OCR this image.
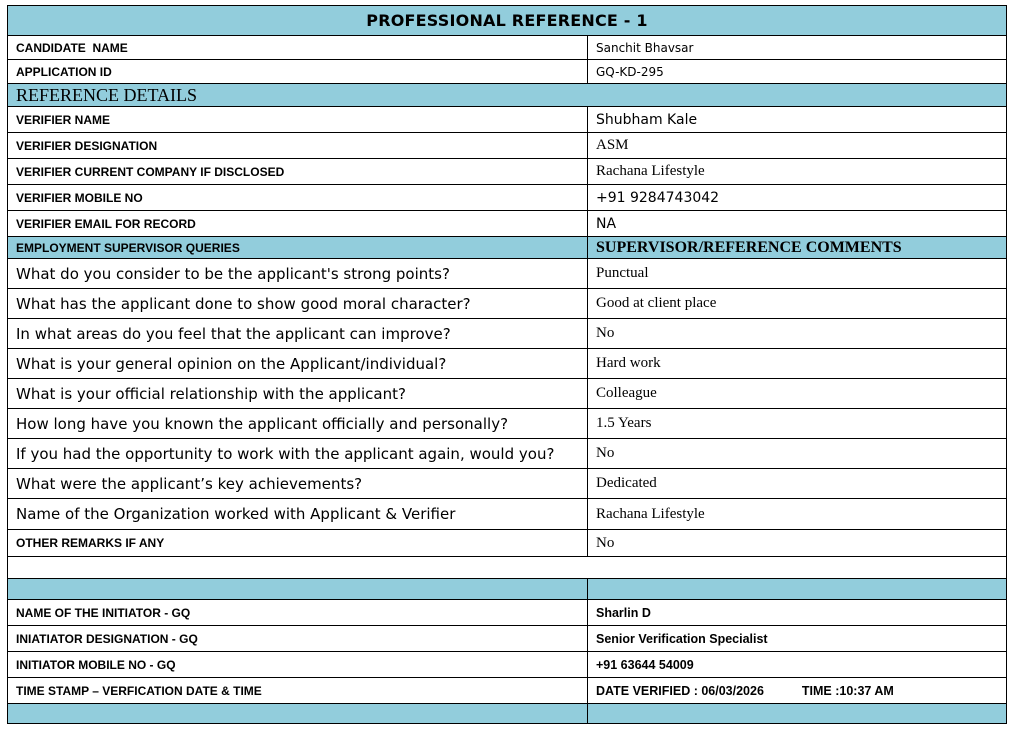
PROFESSIONAL REFERENCE - 1	
CANDIDATE  NAME	Sanchit Bhavsar
APPLICATION ID	GQ-KD-295
REFERENCE DETAILS	
VERIFIER NAME	Shubham Kale
VERIFIER DESIGNATION	ASM
VERIFIER CURRENT COMPANY IF DISCLOSED	Rachana Lifestyle
VERIFIER MOBILE NO	+91 9284743042
VERIFIER EMAIL FOR RECORD	NA
EMPLOYMENT SUPERVISOR QUERIES	SUPERVISOR/REFERENCE COMMENTS
What do you consider to be the applicant's strong points?	Punctual
What has the applicant done to show good moral character?	Good at client place
In what areas do you feel that the applicant can improve?	No
What is your general opinion on the Applicant/individual?	Hard work
What is your official relationship with the applicant?	Colleague
How long have you known the applicant officially and personally?	1.5 Years
If you had the opportunity to work with the applicant again, would you?	No
What were the applicant’s key achievements?	Dedicated
Name of the Organization worked with Applicant & Verifier	Rachana Lifestyle
OTHER REMARKS IF ANY	No

NAME OF THE INITIATOR - GQ	Sharlin D
INIATIATOR DESIGNATION - GQ	Senior Verification Specialist
INITIATOR MOBILE NO - GQ	+91 63644 54009
TIME STAMP – VERFICATION DATE & TIME	DATE VERIFIED : 06/03/2026 TIME :10:37 AM
